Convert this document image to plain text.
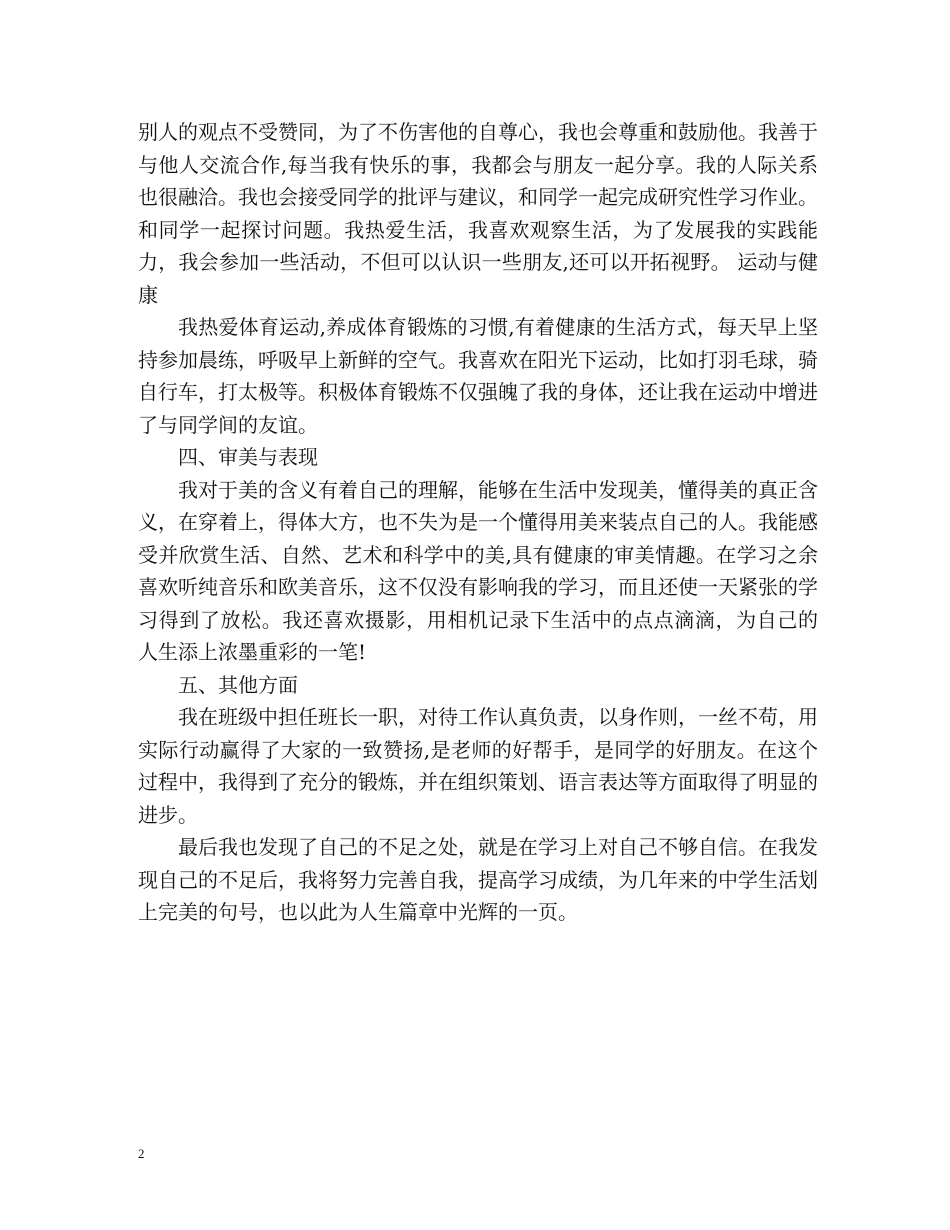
别人的观点不受赞同，为了不伤害他的自尊心，我也会尊重和鼓励他。我善于与他人交流合作,每当我有快乐的事，我都会与朋友一起分享。我的人际关系也很融洽。我也会接受同学的批评与建议，和同学一起完成研究性学习作业。和同学一起探讨问题。我热爱生活，我喜欢观察生活，为了发展我的实践能力，我会参加一些活动，不但可以认识一些朋友,还可以开拓视野。 运动与健康

我热爱体育运动,养成体育锻炼的习惯,有着健康的生活方式，每天早上坚持参加晨练，呼吸早上新鲜的空气。我喜欢在阳光下运动，比如打羽毛球，骑自行车，打太极等。积极体育锻炼不仅强魄了我的身体，还让我在运动中增进了与同学间的友谊。

四、审美与表现

我对于美的含义有着自己的理解，能够在生活中发现美，懂得美的真正含义，在穿着上，得体大方，也不失为是一个懂得用美来装点自己的人。我能感受并欣赏生活、自然、艺术和科学中的美,具有健康的审美情趣。在学习之余喜欢听纯音乐和欧美音乐，这不仅没有影响我的学习，而且还使一天紧张的学习得到了放松。我还喜欢摄影，用相机记录下生活中的点点滴滴，为自己的 人生添上浓墨重彩的一笔!

五、其他方面

我在班级中担任班长一职，对待工作认真负责，以身作则，一丝不苟，用实际行动赢得了大家的一致赞扬,是老师的好帮手，是同学的好朋友。在这个过程中，我得到了充分的锻炼，并在组织策划、语言表达等方面取得了明显的进步。

最后我也发现了自己的不足之处，就是在学习上对自己不够自信。在我发现自己的不足后，我将努力完善自我，提高学习成绩，为几年来的中学生活划上完美的句号，也以此为人生篇章中光辉的一页。

2
